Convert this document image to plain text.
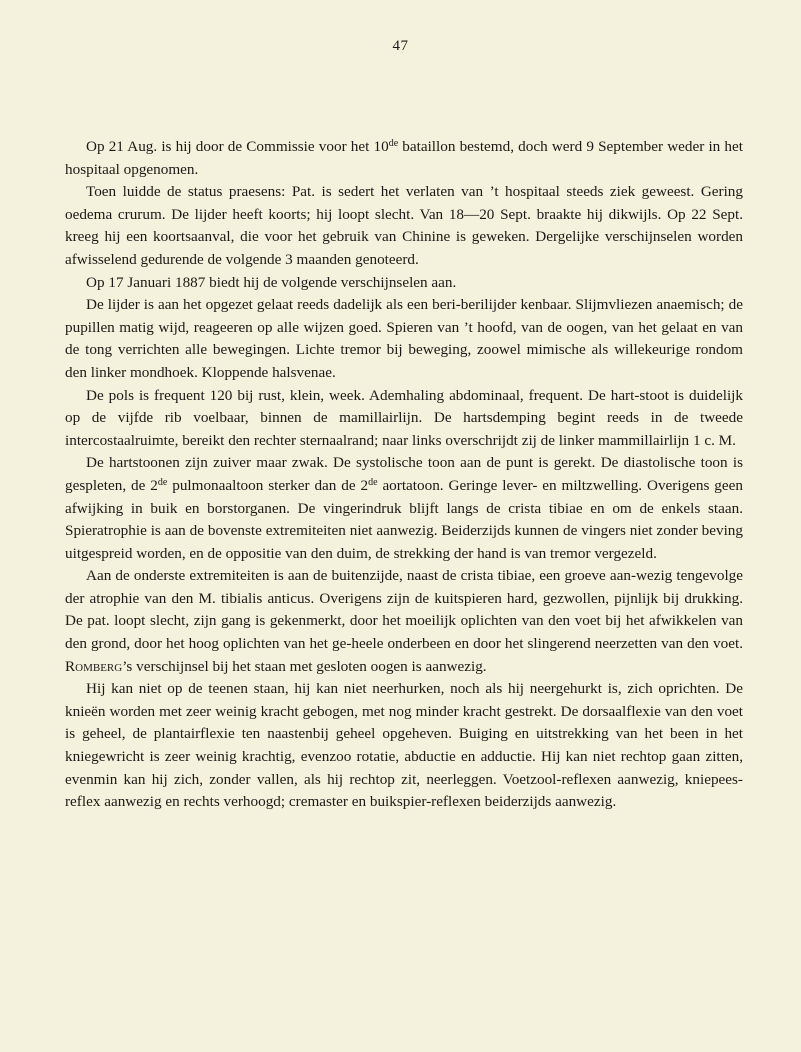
47

Op 21 Aug. is hij door de Commissie voor het 10de bataillon bestemd, doch werd 9 September weder in het hospitaal opgenomen.

Toen luidde de status praesens: Pat. is sedert het verlaten van ’t hospitaal steeds ziek geweest. Gering oedema crurum. De lijder heeft koorts; hij loopt slecht. Van 18—20 Sept. braakte hij dikwijls. Op 22 Sept. kreeg hij een koortsaanval, die voor het gebruik van Chinine is geweken. Dergelijke verschijnselen worden afwisselend gedurende de volgende 3 maanden genoteerd.

Op 17 Januari 1887 biedt hij de volgende verschijnselen aan.

De lijder is aan het opgezet gelaat reeds dadelijk als een beri-berilijder kenbaar. Slijmvliezen anaemisch; de pupillen matig wijd, reageeren op alle wijzen goed. Spieren van ’t hoofd, van de oogen, van het gelaat en van de tong verrichten alle bewegingen. Lichte tremor bij beweging, zoowel mimische als willekeurige rondom den linker mondhoek. Kloppende halsvenae.

De pols is frequent 120 bij rust, klein, week. Ademhaling abdominaal, frequent. De hart-stoot is duidelijk op de vijfde rib voelbaar, binnen de mamillairlijn. De hartsdemping begint reeds in de tweede intercostaalruimte, bereikt den rechter sternaalrand; naar links overschrijdt zij de linker mammillairlijn 1 c. M.

De hartstoonen zijn zuiver maar zwak. De systolische toon aan de punt is gerekt. De diastolische toon is gespleten, de 2de pulmonaaltoon sterker dan de 2de aortatoon. Geringe lever- en miltzwelling. Overigens geen afwijking in buik en borstorganen. De vingerindruk blijft langs de crista tibiae en om de enkels staan. Spieratrophie is aan de bovenste extremiteiten niet aanwezig. Beiderzijds kunnen de vingers niet zonder beving uitgespreid worden, en de oppositie van den duim, de strekking der hand is van tremor vergezeld.

Aan de onderste extremiteiten is aan de buitenzijde, naast de crista tibiae, een groeve aan-wezig tengevolge der atrophie van den M. tibialis anticus. Overigens zijn de kuitspieren hard, gezwollen, pijnlijk bij drukking. De pat. loopt slecht, zijn gang is gekenmerkt, door het moeilijk oplichten van den voet bij het afwikkelen van den grond, door het hoog oplichten van het ge-heele onderbeen en door het slingerend neerzetten van den voet. Romberg’s verschijnsel bij het staan met gesloten oogen is aanwezig.

Hij kan niet op de teenen staan, hij kan niet neerhurken, noch als hij neergehurkt is, zich oprichten. De knieën worden met zeer weinig kracht gebogen, met nog minder kracht gestrekt. De dorsaalflexie van den voet is geheel, de plantairflexie ten naastenbij geheel opgeheven. Buiging en uitstrekking van het been in het kniegewricht is zeer weinig krachtig, evenzoo rotatie, abductie en adductie. Hij kan niet rechtop gaan zitten, evenmin kan hij zich, zonder vallen, als hij rechtop zit, neerleggen. Voetzool-reflexen aanwezig, kniepees-reflex aanwezig en rechts verhoogd; cremaster en buikspier-reflexen beiderzijds aanwezig.
